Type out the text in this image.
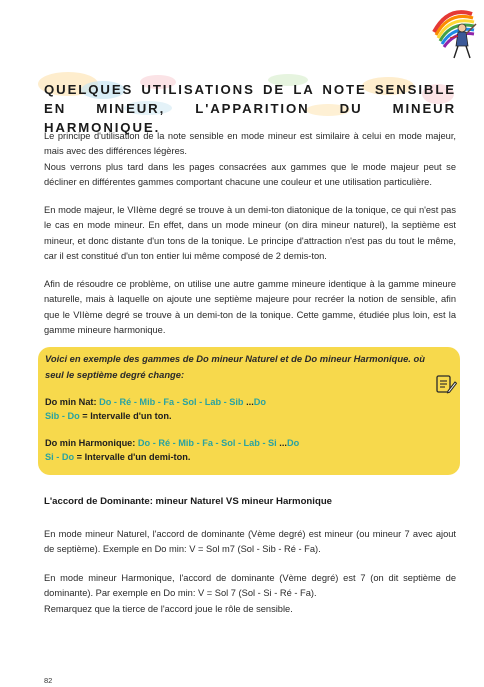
QUELQUES UTILISATIONS DE LA NOTE SENSIBLE EN MINEUR, L'APPARITION DU MINEUR HARMONIQUE.

Le principe d'utilisation de la note sensible en mode mineur est similaire à celui en mode majeur, mais avec des différences légères.

Nous verrons plus tard dans les pages consacrées aux gammes que le mode majeur peut se décliner en différentes gammes comportant chacune une couleur et une utilisation particulière.

En mode majeur, le VIIème degré se trouve à un demi-ton diatonique de la tonique, ce qui n'est pas le cas en mode mineur. En effet, dans un mode mineur (on dira mineur naturel), la septième est mineur, et donc distante d'un tons de la tonique. Le principe d'attraction n'est pas du tout le même, car il est constitué d'un ton entier lui même composé de 2 demis-ton.

Afin de résoudre ce problème, on utilise une autre gamme mineure identique à la gamme mineure naturelle, mais à laquelle on ajoute une septième majeure pour recréer la notion de sensible, afin que le VIIème degré se trouve à un demi-ton de la tonique. Cette gamme, étudiée plus loin, est la gamme mineure harmonique.

Voici en exemple des gammes de Do mineur Naturel et de Do mineur Harmonique. où seul le septième degré change:

Do min Nat: Do - Ré - Mib - Fa - Sol - Lab - Sib ...Do

Sib - Do = Intervalle d'un ton.

Do min Harmonique: Do - Ré - Mib - Fa - Sol - Lab - Si ...Do

Si - Do = Intervalle d'un demi-ton.

L'accord de Dominante: mineur Naturel VS mineur Harmonique

En mode mineur Naturel, l'accord de dominante (Vème degré) est mineur (ou mineur 7 avec ajout de septième). Exemple en Do min: V = Sol m7 (Sol - Sib - Ré - Fa).

En mode mineur Harmonique, l'accord de dominante (Vème degré) est 7 (on dit septième de dominante). Par exemple en Do min: V = Sol 7 (Sol - Si - Ré - Fa).

Remarquez que la tierce de l'accord joue le rôle de sensible.

82
